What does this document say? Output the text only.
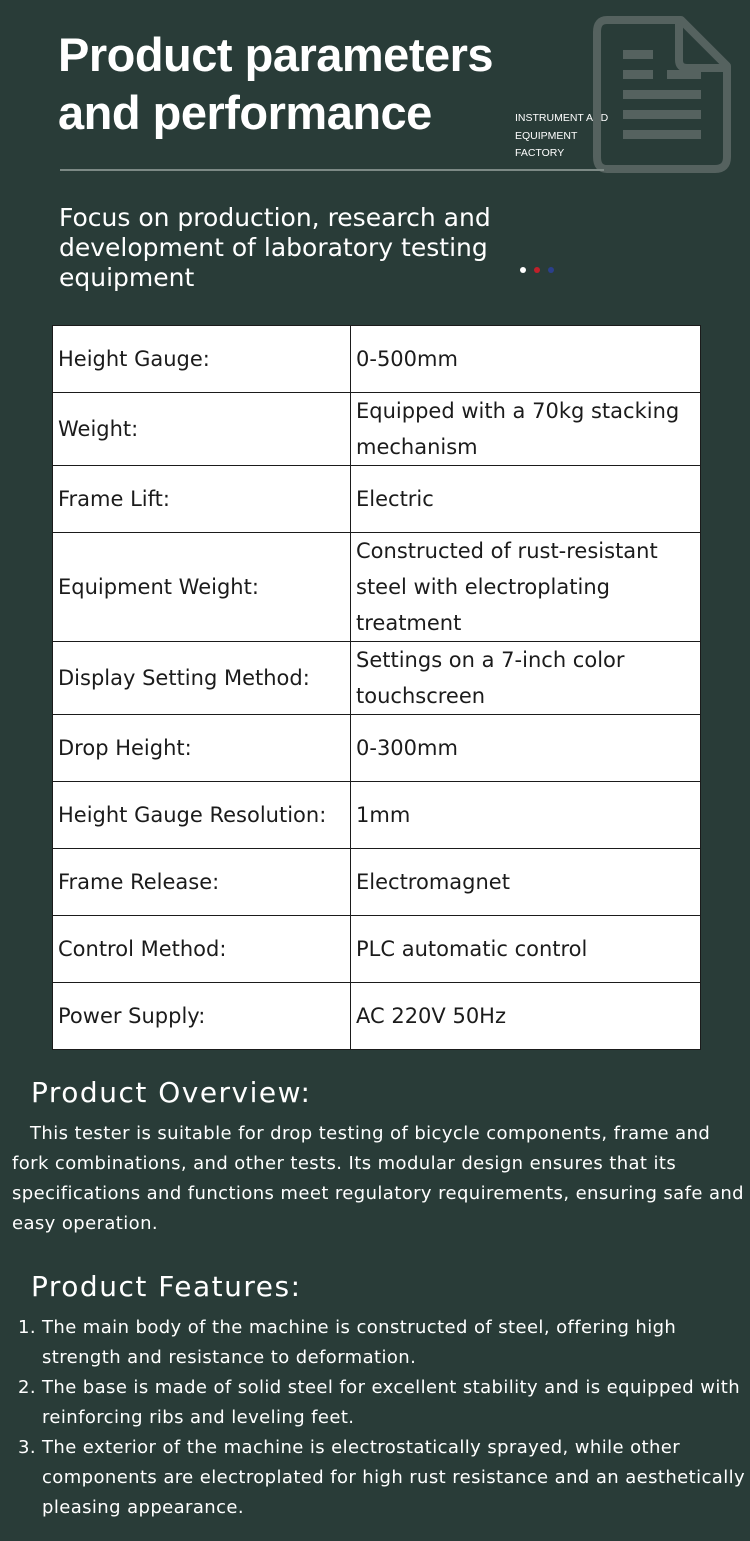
Product parameters
and performance	INSTRUMENT AND
EQUIPMENT
FACTORY
Focus on production, research and development of laboratory testing equipment
Height Gauge:	0-500mm
Weight:	Equipped with a 70kg stacking mechanism
Frame Lift:	Electric
Equipment Weight:	Constructed of rust-resistant steel with electroplating treatment
Display Setting Method:	Settings on a 7-inch color touchscreen
Drop Height:	0-300mm
Height Gauge Resolution:	1mm
Frame Release:	Electromagnet
Control Method:	PLC automatic control
Power Supply:	AC 220V 50Hz
Product Overview:
This tester is suitable for drop testing of bicycle components, frame and fork combinations, and other tests. Its modular design ensures that its specifications and functions meet regulatory requirements, ensuring safe and easy operation.
Product Features:
1. The main body of the machine is constructed of steel, offering high strength and resistance to deformation.
2. The base is made of solid steel for excellent stability and is equipped with reinforcing ribs and leveling feet.
3. The exterior of the machine is electrostatically sprayed, while other components are electroplated for high rust resistance and an aesthetically pleasing appearance.
